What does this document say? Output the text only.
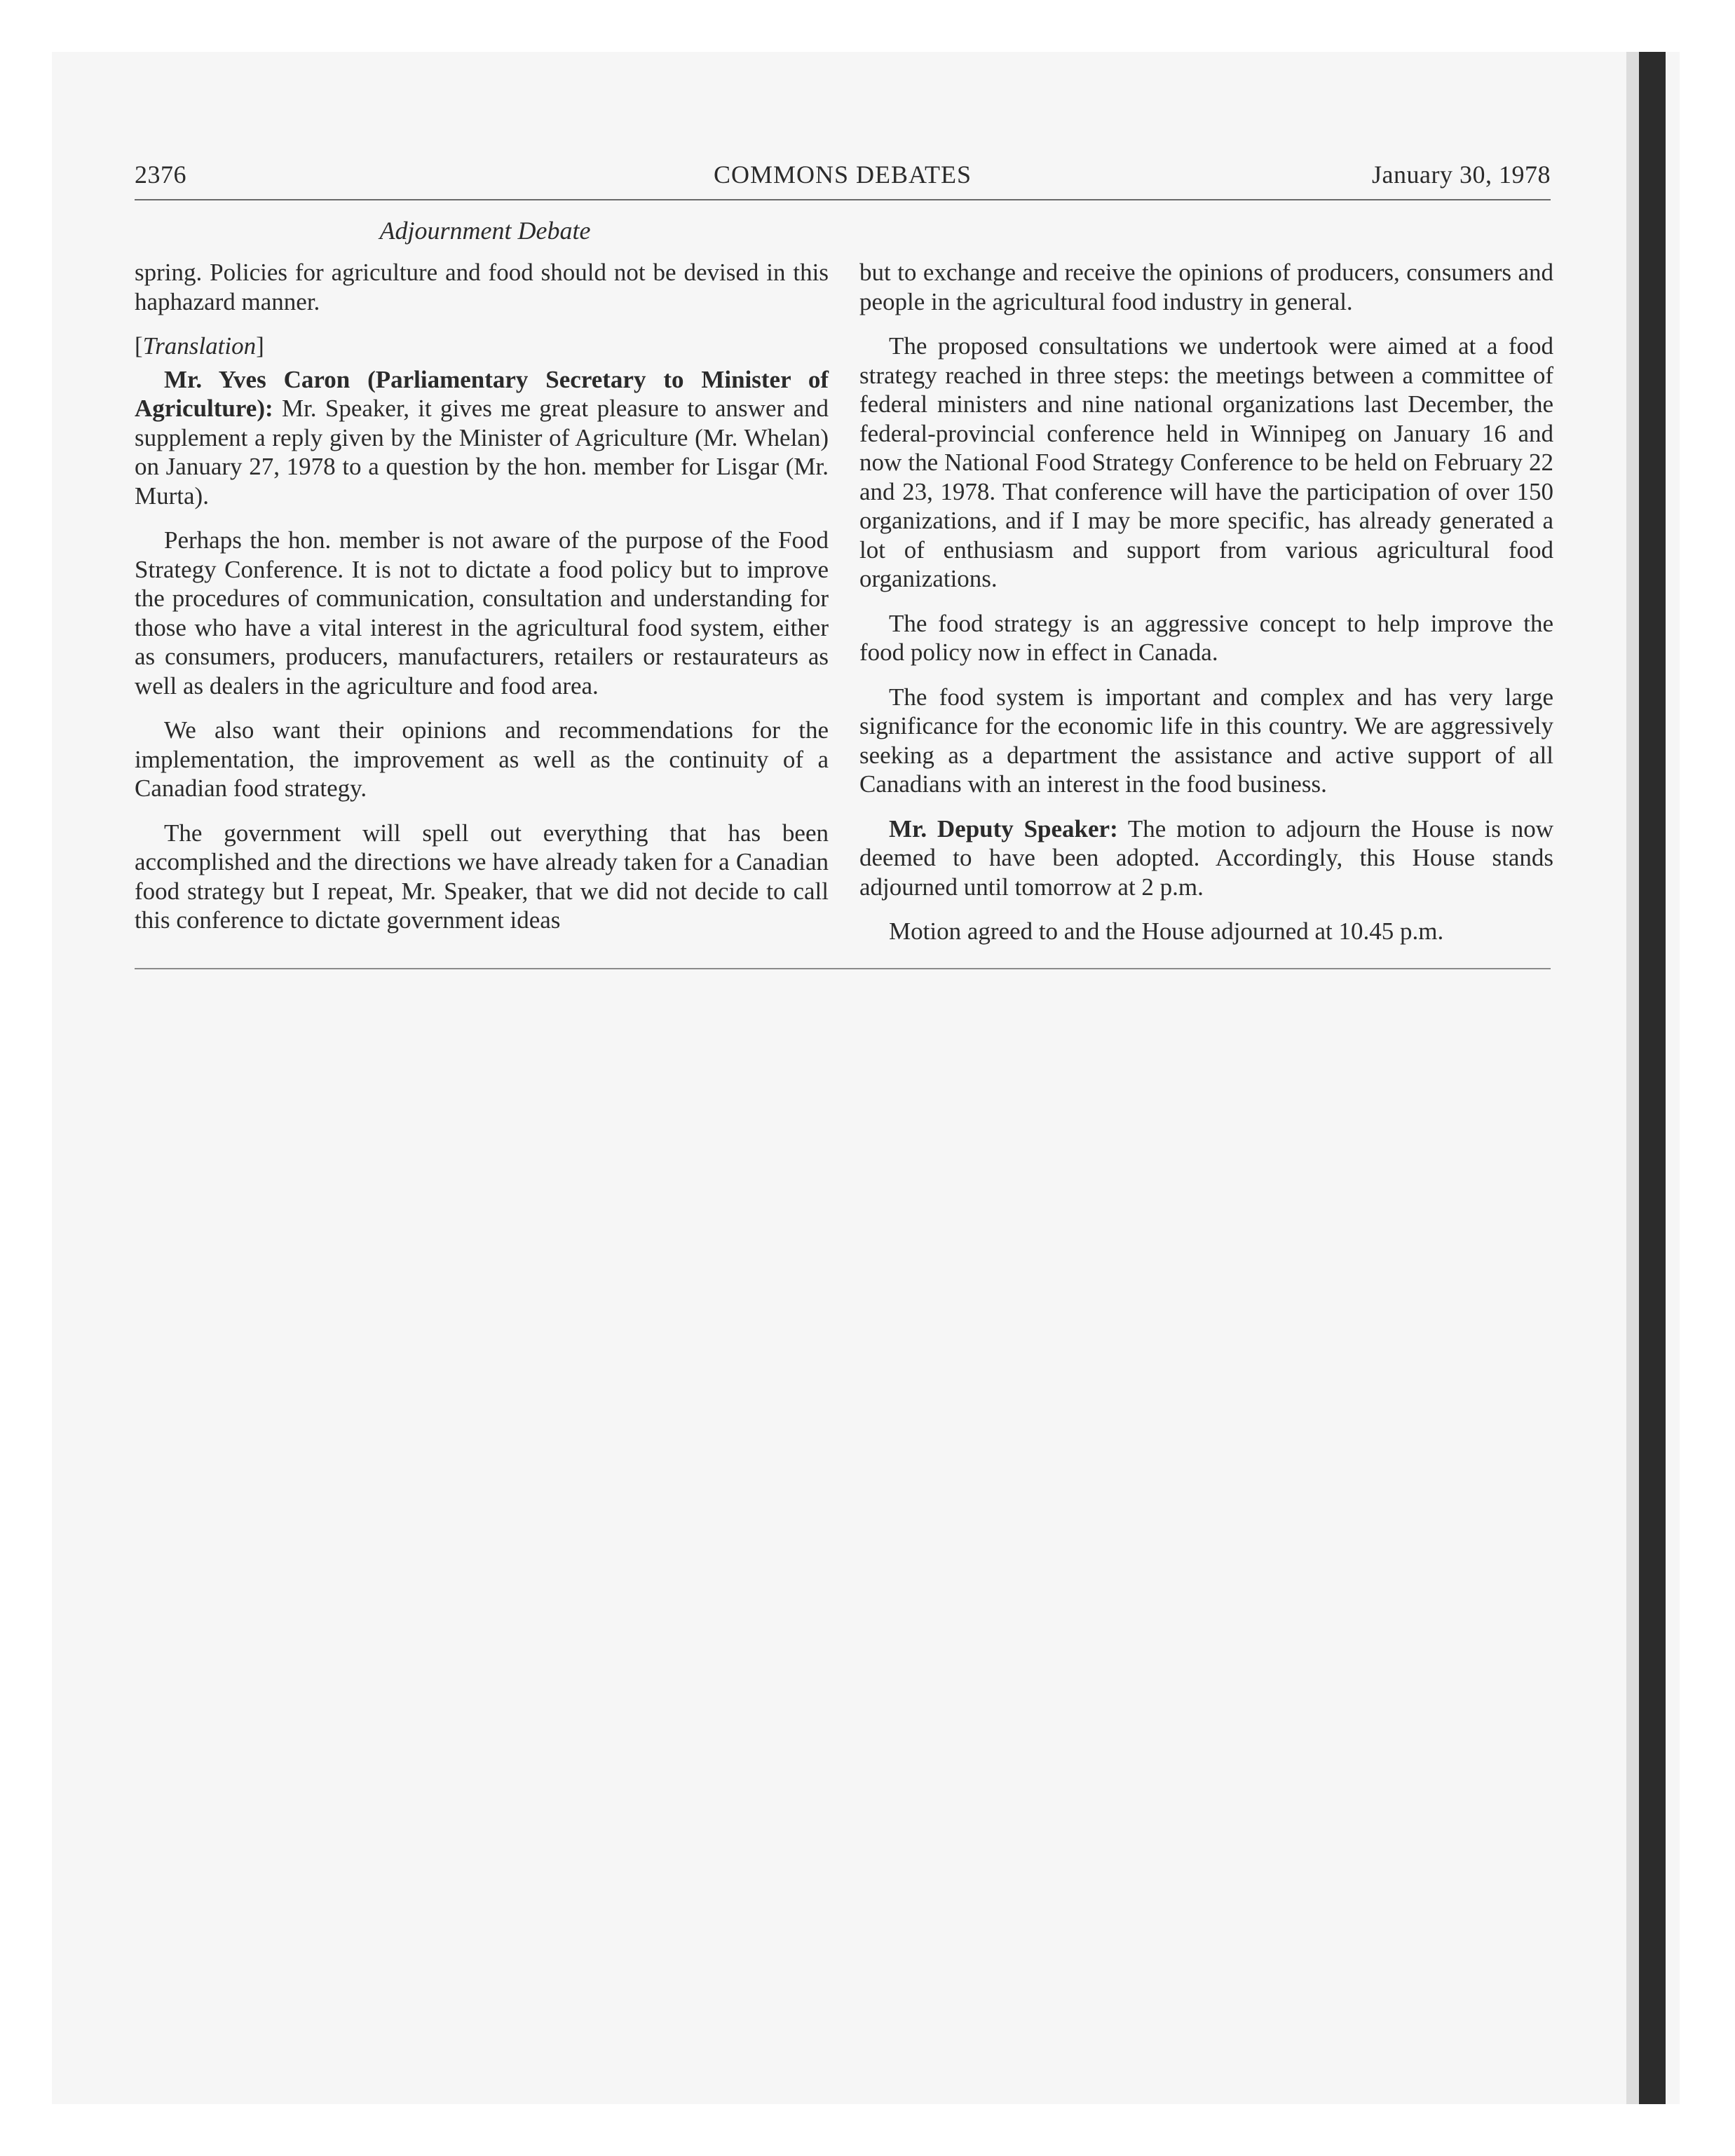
2376	COMMONS DEBATES	January 30, 1978
Adjournment Debate

spring. Policies for agriculture and food should not be devised in this haphazard manner.

[Translation]

Mr. Yves Caron (Parliamentary Secretary to Minister of Agriculture): Mr. Speaker, it gives me great pleasure to answer and supplement a reply given by the Minister of Agriculture (Mr. Whelan) on January 27, 1978 to a question by the hon. member for Lisgar (Mr. Murta).

Perhaps the hon. member is not aware of the purpose of the Food Strategy Conference. It is not to dictate a food policy but to improve the procedures of communication, consultation and understanding for those who have a vital interest in the agricultural food system, either as consumers, producers, manufacturers, retailers or restaurateurs as well as dealers in the agriculture and food area.

We also want their opinions and recommendations for the implementation, the improvement as well as the continuity of a Canadian food strategy.

The government will spell out everything that has been accomplished and the directions we have already taken for a Canadian food strategy but I repeat, Mr. Speaker, that we did not decide to call this conference to dictate government ideas

but to exchange and receive the opinions of producers, consumers and people in the agricultural food industry in general.

The proposed consultations we undertook were aimed at a food strategy reached in three steps: the meetings between a committee of federal ministers and nine national organizations last December, the federal-provincial conference held in Winnipeg on January 16 and now the National Food Strategy Conference to be held on February 22 and 23, 1978. That conference will have the participation of over 150 organizations, and if I may be more specific, has already generated a lot of enthusiasm and support from various agricultural food organizations.

The food strategy is an aggressive concept to help improve the food policy now in effect in Canada.

The food system is important and complex and has very large significance for the economic life in this country. We are aggressively seeking as a department the assistance and active support of all Canadians with an interest in the food business.

Mr. Deputy Speaker: The motion to adjourn the House is now deemed to have been adopted. Accordingly, this House stands adjourned until tomorrow at 2 p.m.

Motion agreed to and the House adjourned at 10.45 p.m.
